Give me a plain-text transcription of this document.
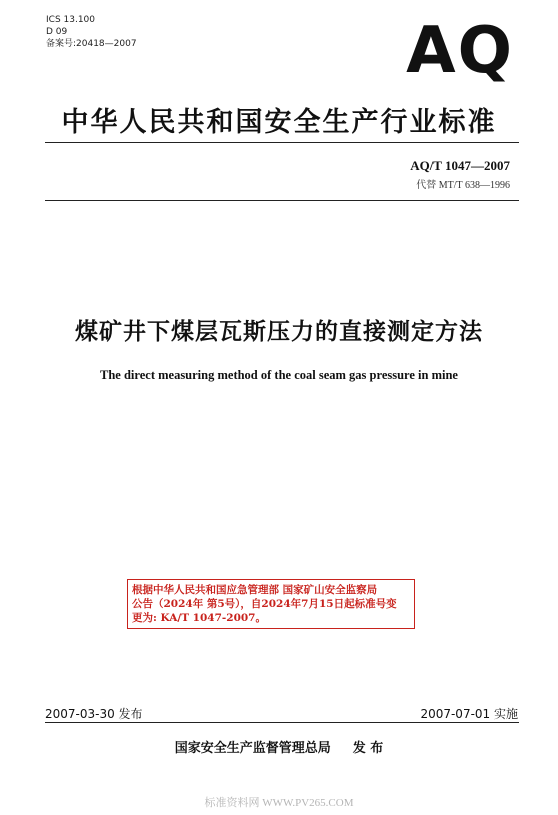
ICS 13.100
D 09
备案号:20418—2007	AQ
中华人民共和国安全生产行业标准
AQ/T 1047—2007
代替 MT/T 638—1996
煤矿井下煤层瓦斯压力的直接测定方法
The direct measuring method of the coal seam gas pressure in mine
根据中华人民共和国应急管理部 国家矿山安全监察局
公告（2024年 第5号），自2024年7月15日起标准号变
更为: KA/T 1047-2007。
2007-03-30 发布	2007-07-01 实施
国家安全生产监督管理总局 发 布
标准资料网 WWW.PV265.COM
